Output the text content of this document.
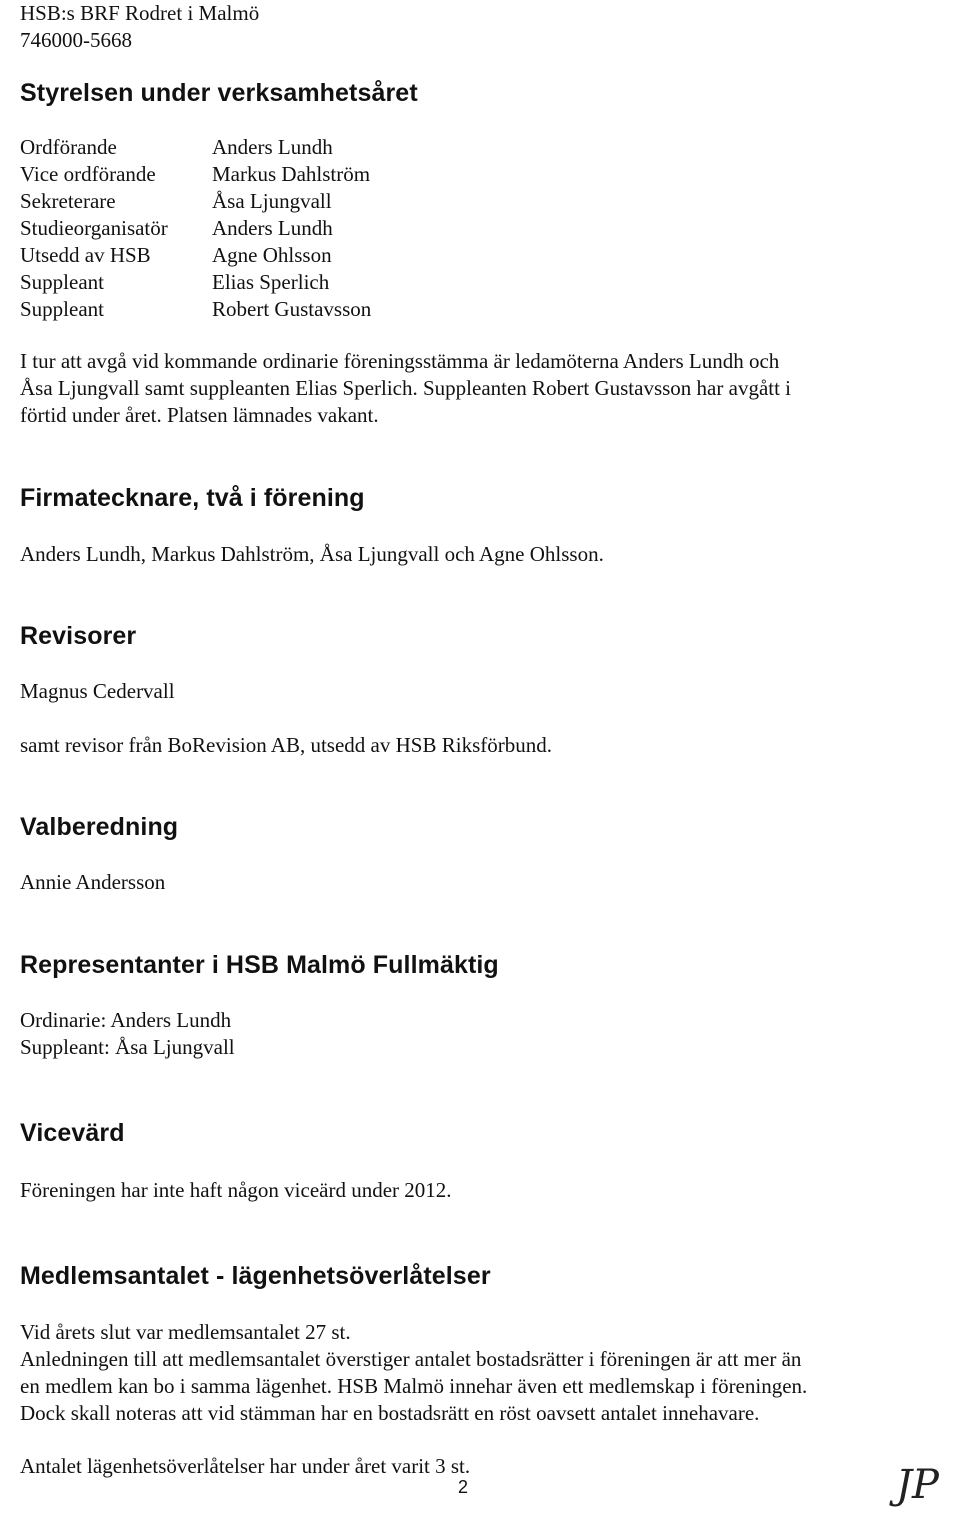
HSB:s BRF Rodret i Malmö
746000-5668
Styrelsen under verksamhetsåret
Ordförande	Anders Lundh
Vice ordförande	Markus Dahlström
Sekreterare	Åsa Ljungvall
Studieorganisatör	Anders Lundh
Utsedd av HSB	Agne Ohlsson
Suppleant	Elias Sperlich
Suppleant	Robert Gustavsson
I tur att avgå vid kommande ordinarie föreningsstämma är ledamöterna Anders Lundh och
Åsa Ljungvall samt suppleanten Elias Sperlich. Suppleanten Robert Gustavsson har avgått i
förtid under året. Platsen lämnades vakant.
Firmatecknare, två i förening
Anders Lundh, Markus Dahlström, Åsa Ljungvall och Agne Ohlsson.
Revisorer
Magnus Cedervall
samt revisor från BoRevision AB, utsedd av HSB Riksförbund.
Valberedning
Annie Andersson
Representanter i HSB Malmö Fullmäktig
Ordinarie: Anders Lundh
Suppleant: Åsa Ljungvall
Vicevärd
Föreningen har inte haft någon viceärd under 2012.
Medlemsantalet - lägenhetsöverlåtelser
Vid årets slut var medlemsantalet 27 st.
Anledningen till att medlemsantalet överstiger antalet bostadsrätter i föreningen är att mer än
en medlem kan bo i samma lägenhet. HSB Malmö innehar även ett medlemskap i föreningen.
Dock skall noteras att vid stämman har en bostadsrätt en röst oavsett antalet innehavare.
Antalet lägenhetsöverlåtelser har under året varit 3 st.
2	JP
